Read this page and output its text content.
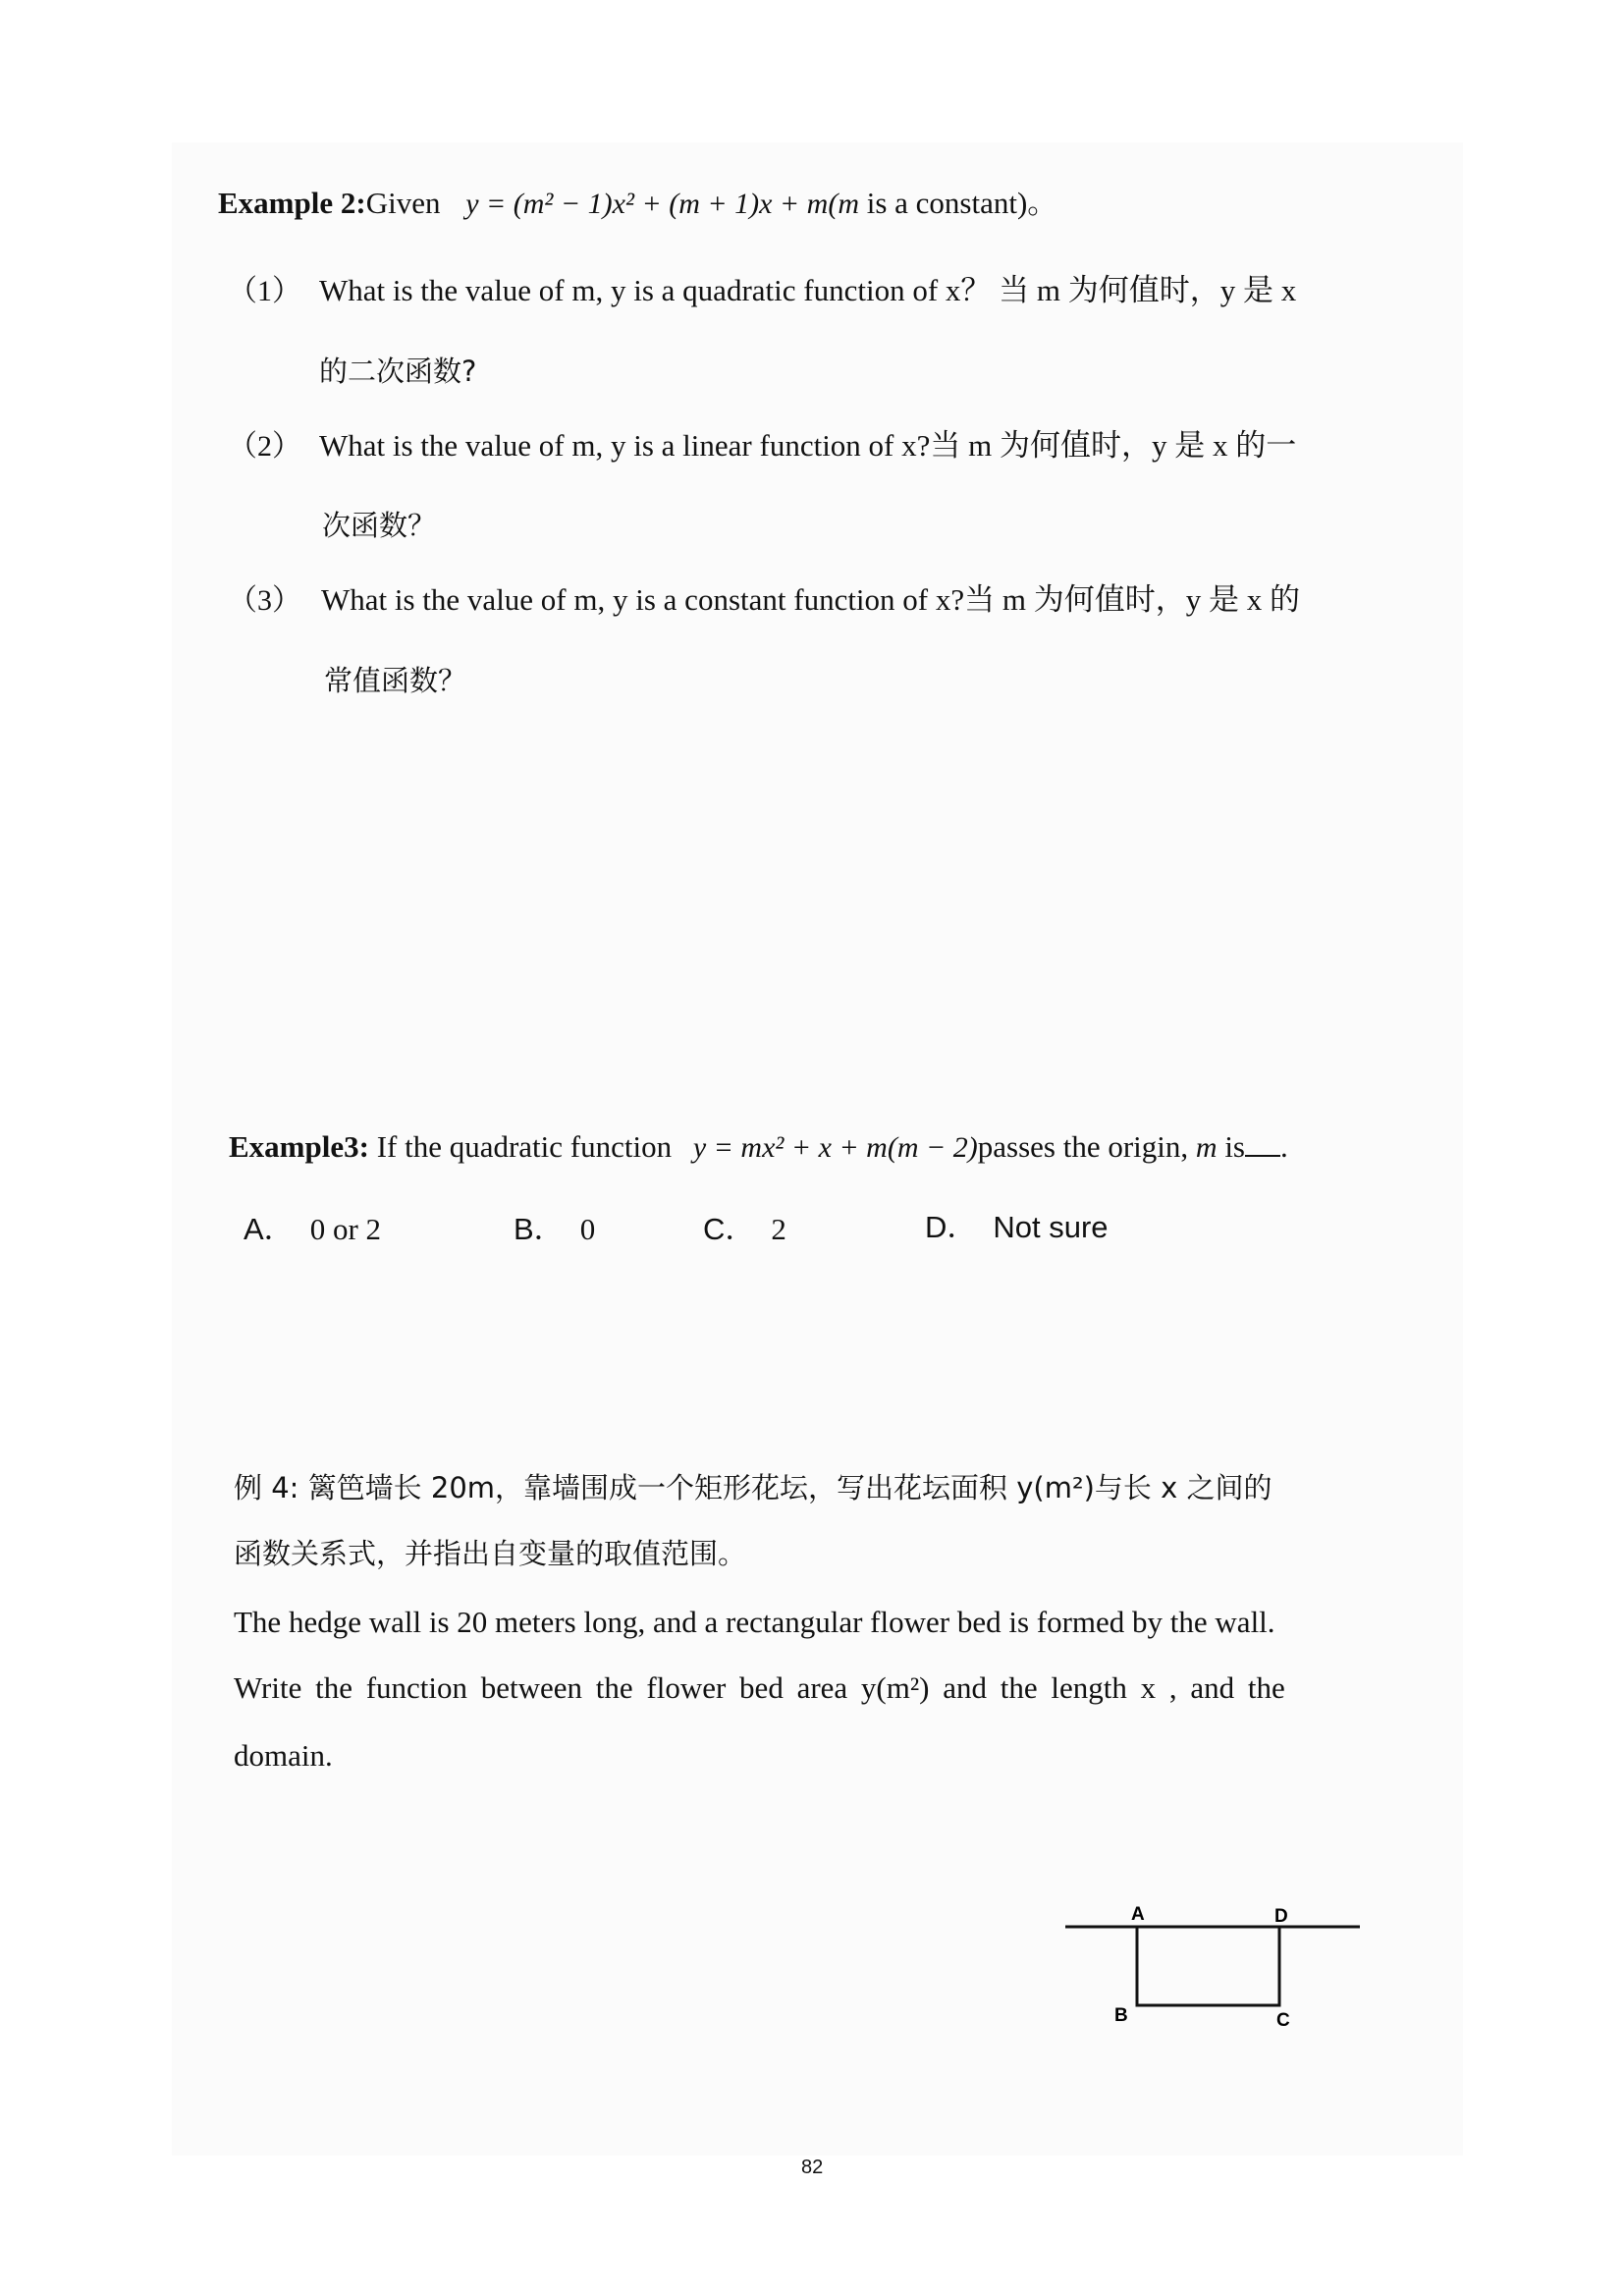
Example 2:Given y = (m² − 1)x² + (m + 1)x + m(m is a constant)。
（1） What is the value of m, y is a quadratic function of x？ 当 m 为何值时，y 是 x
的二次函数?
（2） What is the value of m, y is a linear function of x?当 m 为何值时，y 是 x 的一
次函数？
（3） What is the value of m, y is a constant function of x?当 m 为何值时，y 是 x 的
常值函数？
Example3: If the quadratic function y = mx² + x + m(m − 2)passes the origin, m is .
A． 0 or 2	B． 0	C． 2	D． Not sure
例 4: 篱笆墙长 20m，靠墙围成一个矩形花坛，写出花坛面积 y(m²)与长 x 之间的
函数关系式，并指出自变量的取值范围。
The hedge wall is 20 meters long, and a rectangular flower bed is formed by the wall.
Write the function between the flower bed area y(m²) and the length x , and the
domain.
A	D
B	C
82
